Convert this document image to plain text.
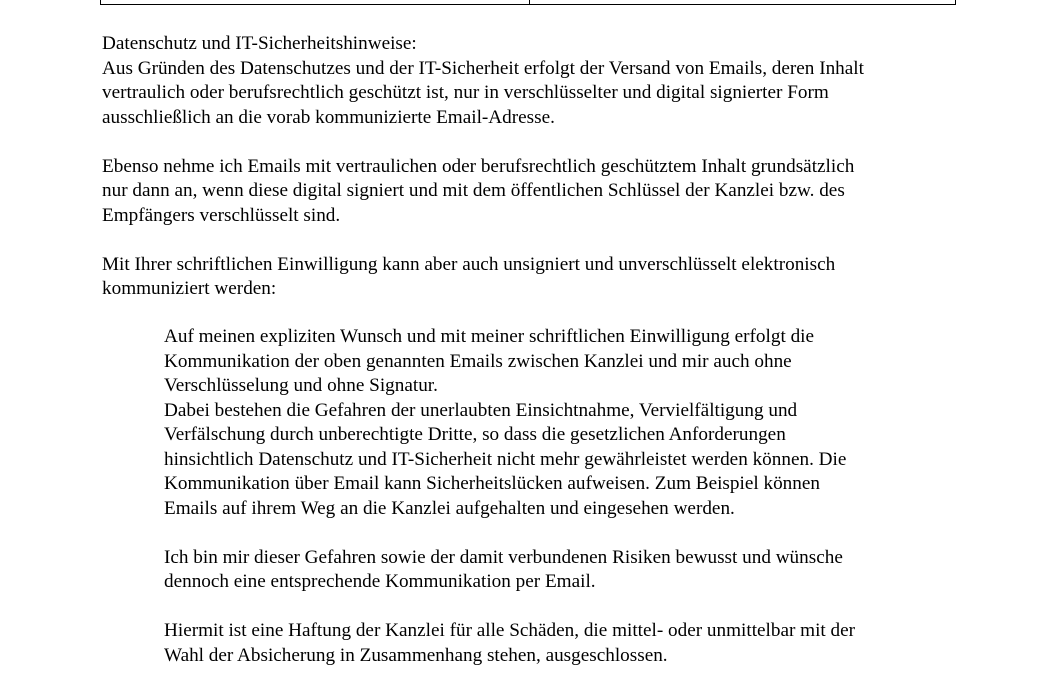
Datenschutz und IT-Sicherheitshinweise:
Aus Gründen des Datenschutzes und der IT-Sicherheit erfolgt der Versand von Emails, deren Inhalt
vertraulich oder berufsrechtlich geschützt ist, nur in verschlüsselter und digital signierter Form
ausschließlich an die vorab kommunizierte Email-Adresse.
Ebenso nehme ich Emails mit vertraulichen oder berufsrechtlich geschütztem Inhalt grundsätzlich
nur dann an, wenn diese digital signiert und mit dem öffentlichen Schlüssel der Kanzlei bzw. des
Empfängers verschlüsselt sind.
Mit Ihrer schriftlichen Einwilligung kann aber auch unsigniert und unverschlüsselt elektronisch
kommuniziert werden:
Auf meinen expliziten Wunsch und mit meiner schriftlichen Einwilligung erfolgt die
Kommunikation der oben genannten Emails zwischen Kanzlei und mir auch ohne
Verschlüsselung und ohne Signatur.
Dabei bestehen die Gefahren der unerlaubten Einsichtnahme, Vervielfältigung und
Verfälschung durch unberechtigte Dritte, so dass die gesetzlichen Anforderungen
hinsichtlich Datenschutz und IT-Sicherheit nicht mehr gewährleistet werden können. Die
Kommunikation über Email kann Sicherheitslücken aufweisen. Zum Beispiel können
Emails auf ihrem Weg an die Kanzlei aufgehalten und eingesehen werden.
Ich bin mir dieser Gefahren sowie der damit verbundenen Risiken bewusst und wünsche
dennoch eine entsprechende Kommunikation per Email.
Hiermit ist eine Haftung der Kanzlei für alle Schäden, die mittel- oder unmittelbar mit der
Wahl der Absicherung in Zusammenhang stehen, ausgeschlossen.
